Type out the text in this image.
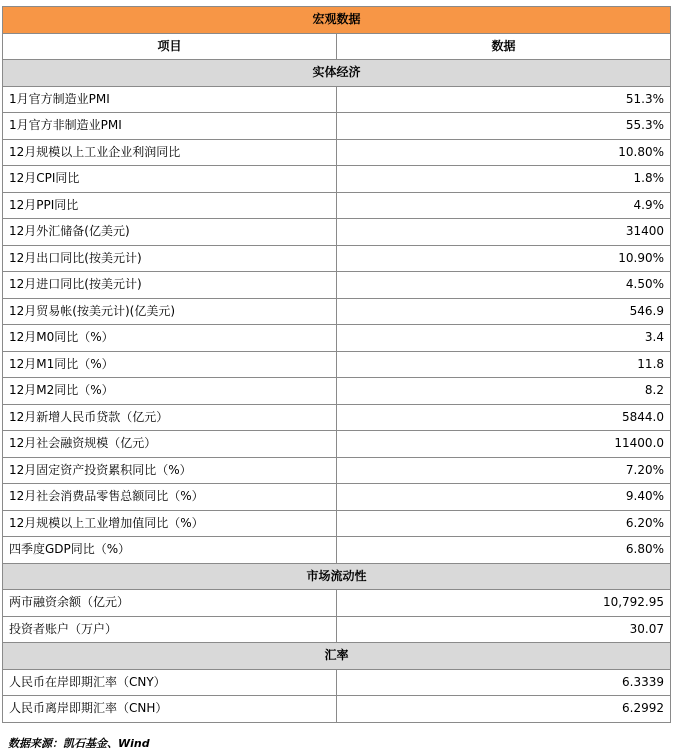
宏观数据	
项目	数据
实体经济	
1月官方制造业PMI	51.3%
1月官方非制造业PMI	55.3%
12月规模以上工业企业利润同比	10.80%
12月CPI同比	1.8%
12月PPI同比	4.9%
12月外汇储备(亿美元)	31400
12月出口同比(按美元计)	10.90%
12月进口同比(按美元计)	4.50%
12月贸易帐(按美元计)(亿美元)	546.9
12月M0同比（%）	3.4
12月M1同比（%）	11.8
12月M2同比（%）	8.2
12月新增人民币贷款（亿元）	5844.0
12月社会融资规模（亿元）	11400.0
12月固定资产投资累积同比（%）	7.20%
12月社会消费品零售总额同比（%）	9.40%
12月规模以上工业增加值同比（%）	6.20%
四季度GDP同比（%）	6.80%
市场流动性	
两市融资余额（亿元）	10,792.95
投资者账户（万户）	30.07
汇率	
人民币在岸即期汇率（CNY）	6.3339
人民币离岸即期汇率（CNH）	6.2992
数据来源：凯石基金、Wind
